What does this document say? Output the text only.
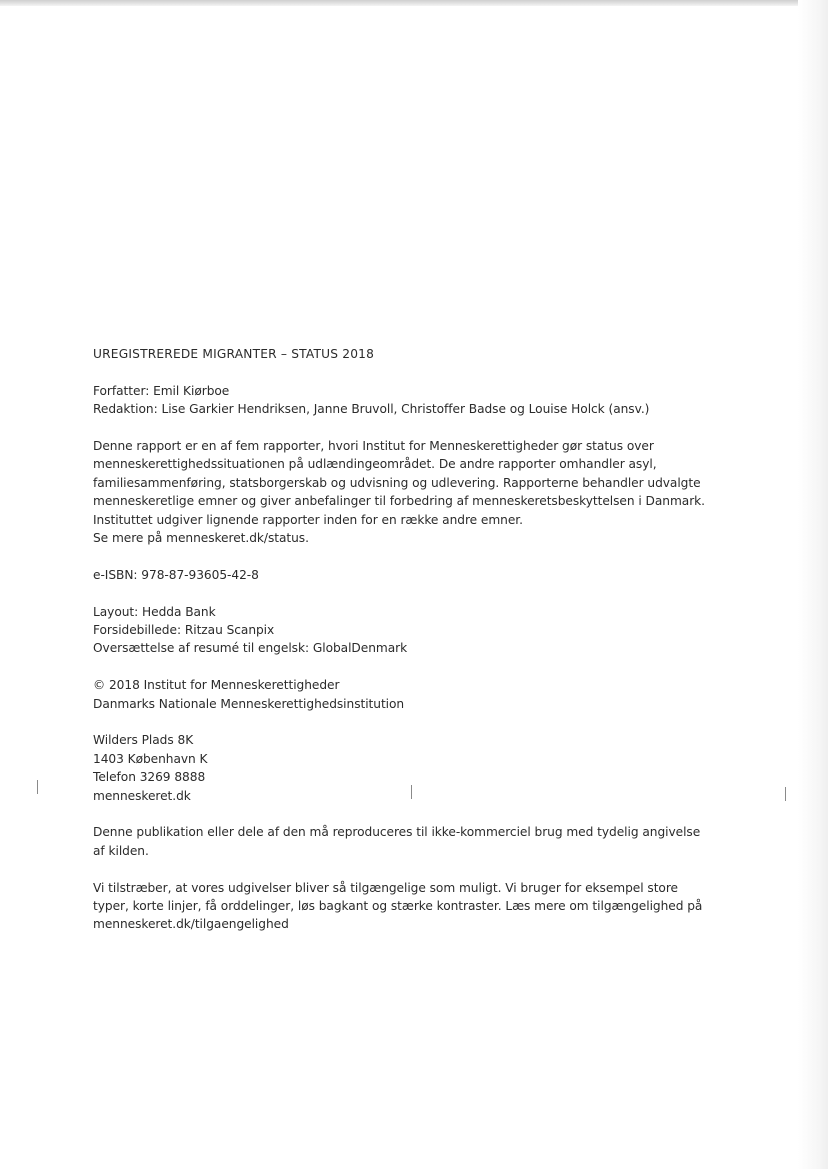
UREGISTREREDE MIGRANTER – STATUS 2018
Forfatter: Emil Kiørboe
Redaktion: Lise Garkier Hendriksen, Janne Bruvoll, Christoffer Badse og Louise Holck (ansv.)
Denne rapport er en af fem rapporter, hvori Institut for Menneskerettigheder gør status over
menneskerettighedssituationen på udlændingeområdet. De andre rapporter omhandler asyl,
familiesammenføring, statsborgerskab og udvisning og udlevering. Rapporterne behandler udvalgte
menneskeretlige emner og giver anbefalinger til forbedring af menneskeretsbeskyttelsen i Danmark.
Instituttet udgiver lignende rapporter inden for en række andre emner.
Se mere på menneskeret.dk/status.
e-ISBN: 978-87-93605-42-8
Layout: Hedda Bank
Forsidebillede: Ritzau Scanpix
Oversættelse af resumé til engelsk: GlobalDenmark
© 2018 Institut for Menneskerettigheder
Danmarks Nationale Menneskerettighedsinstitution
Wilders Plads 8K
1403 København K
Telefon 3269 8888
menneskeret.dk
Denne publikation eller dele af den må reproduceres til ikke-kommerciel brug med tydelig angivelse
af kilden.
Vi tilstræber, at vores udgivelser bliver så tilgængelige som muligt. Vi bruger for eksempel store
typer, korte linjer, få orddelinger, løs bagkant og stærke kontraster. Læs mere om tilgængelighed på
menneskeret.dk/tilgaengelighed
